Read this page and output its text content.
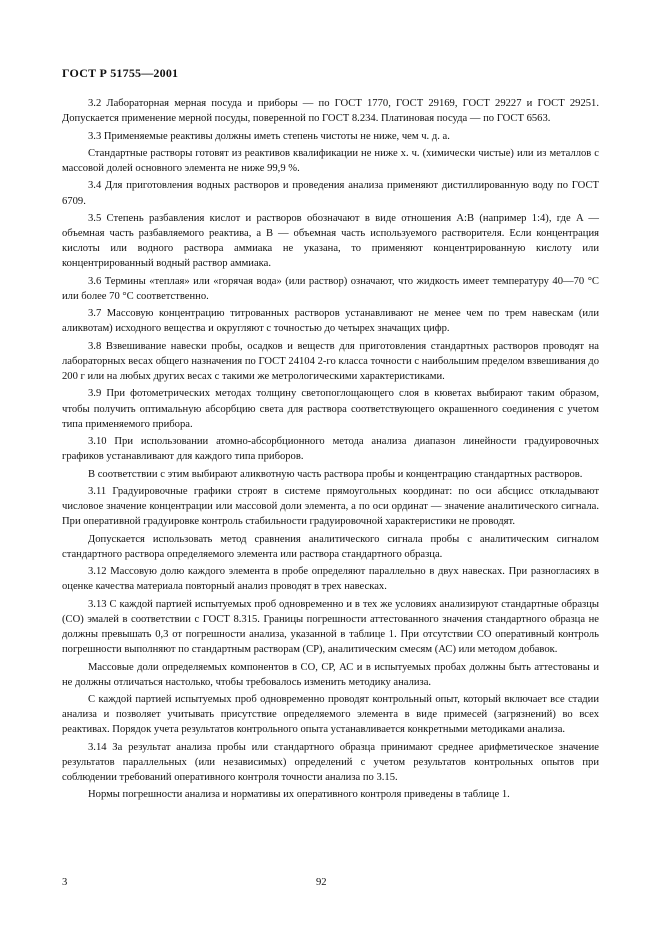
ГОСТ Р 51755—2001

3.2 Лабораторная мерная посуда и приборы — по ГОСТ 1770, ГОСТ 29169, ГОСТ 29227 и ГОСТ 29251. Допускается применение мерной посуды, поверенной по ГОСТ 8.234. Платиновая посуда — по ГОСТ 6563.

3.3 Применяемые реактивы должны иметь степень чистоты не ниже, чем ч. д. а.

Стандартные растворы готовят из реактивов квалификации не ниже х. ч. (химически чистые) или из металлов с массовой долей основного элемента не ниже 99,9 %.

3.4 Для приготовления водных растворов и проведения анализа применяют дистиллированную воду по ГОСТ 6709.

3.5 Степень разбавления кислот и растворов обозначают в виде отношения A:B (например 1:4), где A — объемная часть разбавляемого реактива, а B — объемная часть используемого растворителя. Если концентрация кислоты или водного раствора аммиака не указана, то применяют концентрированную кислоту или концентрированный водный раствор аммиака.

3.6 Термины «теплая» или «горячая вода» (или раствор) означают, что жидкость имеет температуру 40—70 °С или более 70 °С соответственно.

3.7 Массовую концентрацию титрованных растворов устанавливают не менее чем по трем навескам (или аликвотам) исходного вещества и округляют с точностью до четырех значащих цифр.

3.8 Взвешивание навески пробы, осадков и веществ для приготовления стандартных растворов проводят на лабораторных весах общего назначения по ГОСТ 24104 2-го класса точности с наибольшим пределом взвешивания до 200 г или на любых других весах с такими же метрологическими характеристиками.

3.9 При фотометрических методах толщину светопоглощающего слоя в кюветах выбирают таким образом, чтобы получить оптимальную абсорбцию света для раствора соответствующего окрашенного соединения с учетом типа применяемого прибора.

3.10 При использовании атомно-абсорбционного метода анализа диапазон линейности градуировочных графиков устанавливают для каждого типа приборов.

В соответствии с этим выбирают аликвотную часть раствора пробы и концентрацию стандартных растворов.

3.11 Градуировочные графики строят в системе прямоугольных координат: по оси абсцисс откладывают числовое значение концентрации или массовой доли элемента, а по оси ординат — значение аналитического сигнала. При оперативной градуировке контроль стабильности градуировочной характеристики не проводят.

Допускается использовать метод сравнения аналитического сигнала пробы с аналитическим сигналом стандартного раствора определяемого элемента или раствора стандартного образца.

3.12 Массовую долю каждого элемента в пробе определяют параллельно в двух навесках. При разногласиях в оценке качества материала повторный анализ проводят в трех навесках.

3.13 С каждой партией испытуемых проб одновременно и в тех же условиях анализируют стандартные образцы (СО) эмалей в соответствии с ГОСТ 8.315. Границы погрешности аттестованного значения стандартного образца не должны превышать 0,3 от погрешности анализа, указанной в таблице 1. При отсутствии СО оперативный контроль погрешности выполняют по стандартным растворам (СР), аналитическим смесям (АС) или методом добавок.

Массовые доли определяемых компонентов в СО, СР, АС и в испытуемых пробах должны быть аттестованы и не должны отличаться настолько, чтобы требовалось изменить методику анализа.

С каждой партией испытуемых проб одновременно проводят контрольный опыт, который включает все стадии анализа и позволяет учитывать присутствие определяемого элемента в виде примесей (загрязнений) во всех реактивах. Порядок учета результатов контрольного опыта устанавливается конкретными методиками анализа.

3.14 За результат анализа пробы или стандартного образца принимают среднее арифметическое значение результатов параллельных (или независимых) определений с учетом результатов контрольных опытов при соблюдении требований оперативного контроля точности анализа по 3.15.

Нормы погрешности анализа и нормативы их оперативного контроля приведены в таблице 1.

3	92
